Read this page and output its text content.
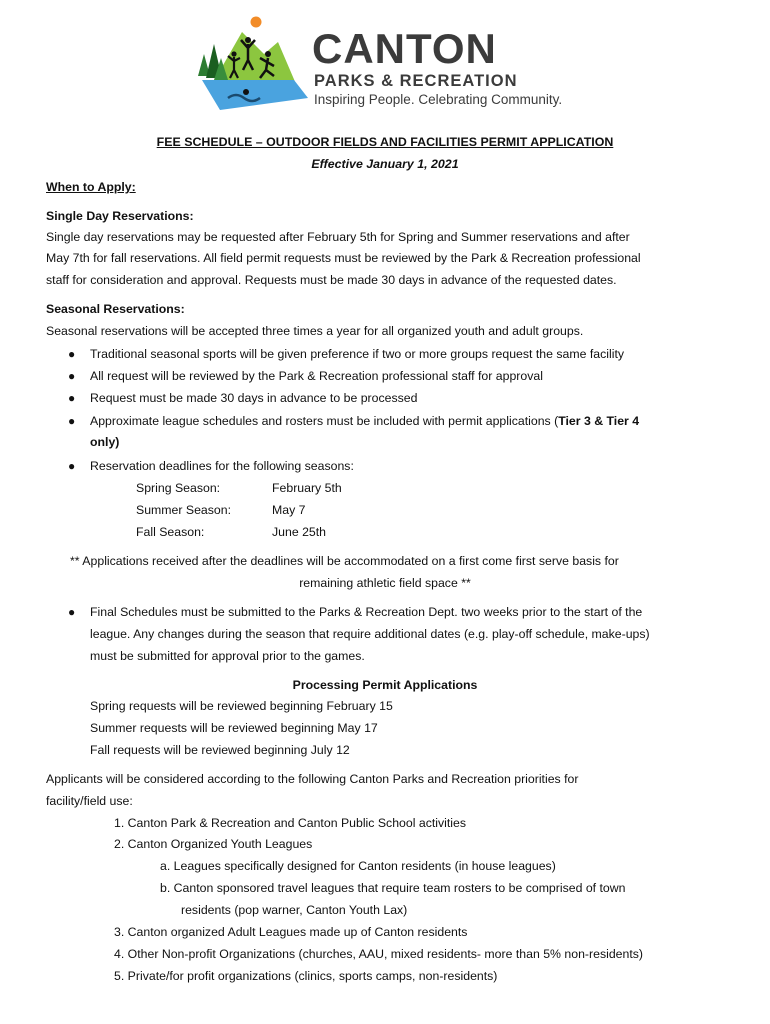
CANTON
PARKS & RECREATION
Inspiring People. Celebrating Community.
FEE SCHEDULE – OUTDOOR FIELDS AND FACILITIES PERMIT APPLICATION
Effective January 1, 2021
When to Apply:
Single Day Reservations:
Single day reservations may be requested after February 5th for Spring and Summer reservations and after
May 7th for fall reservations. All field permit requests must be reviewed by the Park & Recreation professional
staff for consideration and approval. Requests must be made 30 days in advance of the requested dates.
Seasonal Reservations:
Seasonal reservations will be accepted three times a year for all organized youth and adult groups.
● Traditional seasonal sports will be given preference if two or more groups request the same facility
● All request will be reviewed by the Park & Recreation professional staff for approval
● Request must be made 30 days in advance to be processed
● Approximate league schedules and rosters must be included with permit applications (Tier 3 & Tier 4
only)
● Reservation deadlines for the following seasons:
Spring Season:	February 5th
Summer Season:	May 7
Fall Season:	June 25th
** Applications received after the deadlines will be accommodated on a first come first serve basis for
remaining athletic field space **
● Final Schedules must be submitted to the Parks & Recreation Dept. two weeks prior to the start of the
league. Any changes during the season that require additional dates (e.g. play-off schedule, make-ups)
must be submitted for approval prior to the games.
Processing Permit Applications
Spring requests will be reviewed beginning February 15
Summer requests will be reviewed beginning May 17
Fall requests will be reviewed beginning July 12
Applicants will be considered according to the following Canton Parks and Recreation priorities for
facility/field use:
1. Canton Park & Recreation and Canton Public School activities
2. Canton Organized Youth Leagues
a. Leagues specifically designed for Canton residents (in house leagues)
b. Canton sponsored travel leagues that require team rosters to be comprised of town
residents (pop warner, Canton Youth Lax)
3. Canton organized Adult Leagues made up of Canton residents
4. Other Non-profit Organizations (churches, AAU, mixed residents- more than 5% non-residents)
5. Private/for profit organizations (clinics, sports camps, non-residents)
